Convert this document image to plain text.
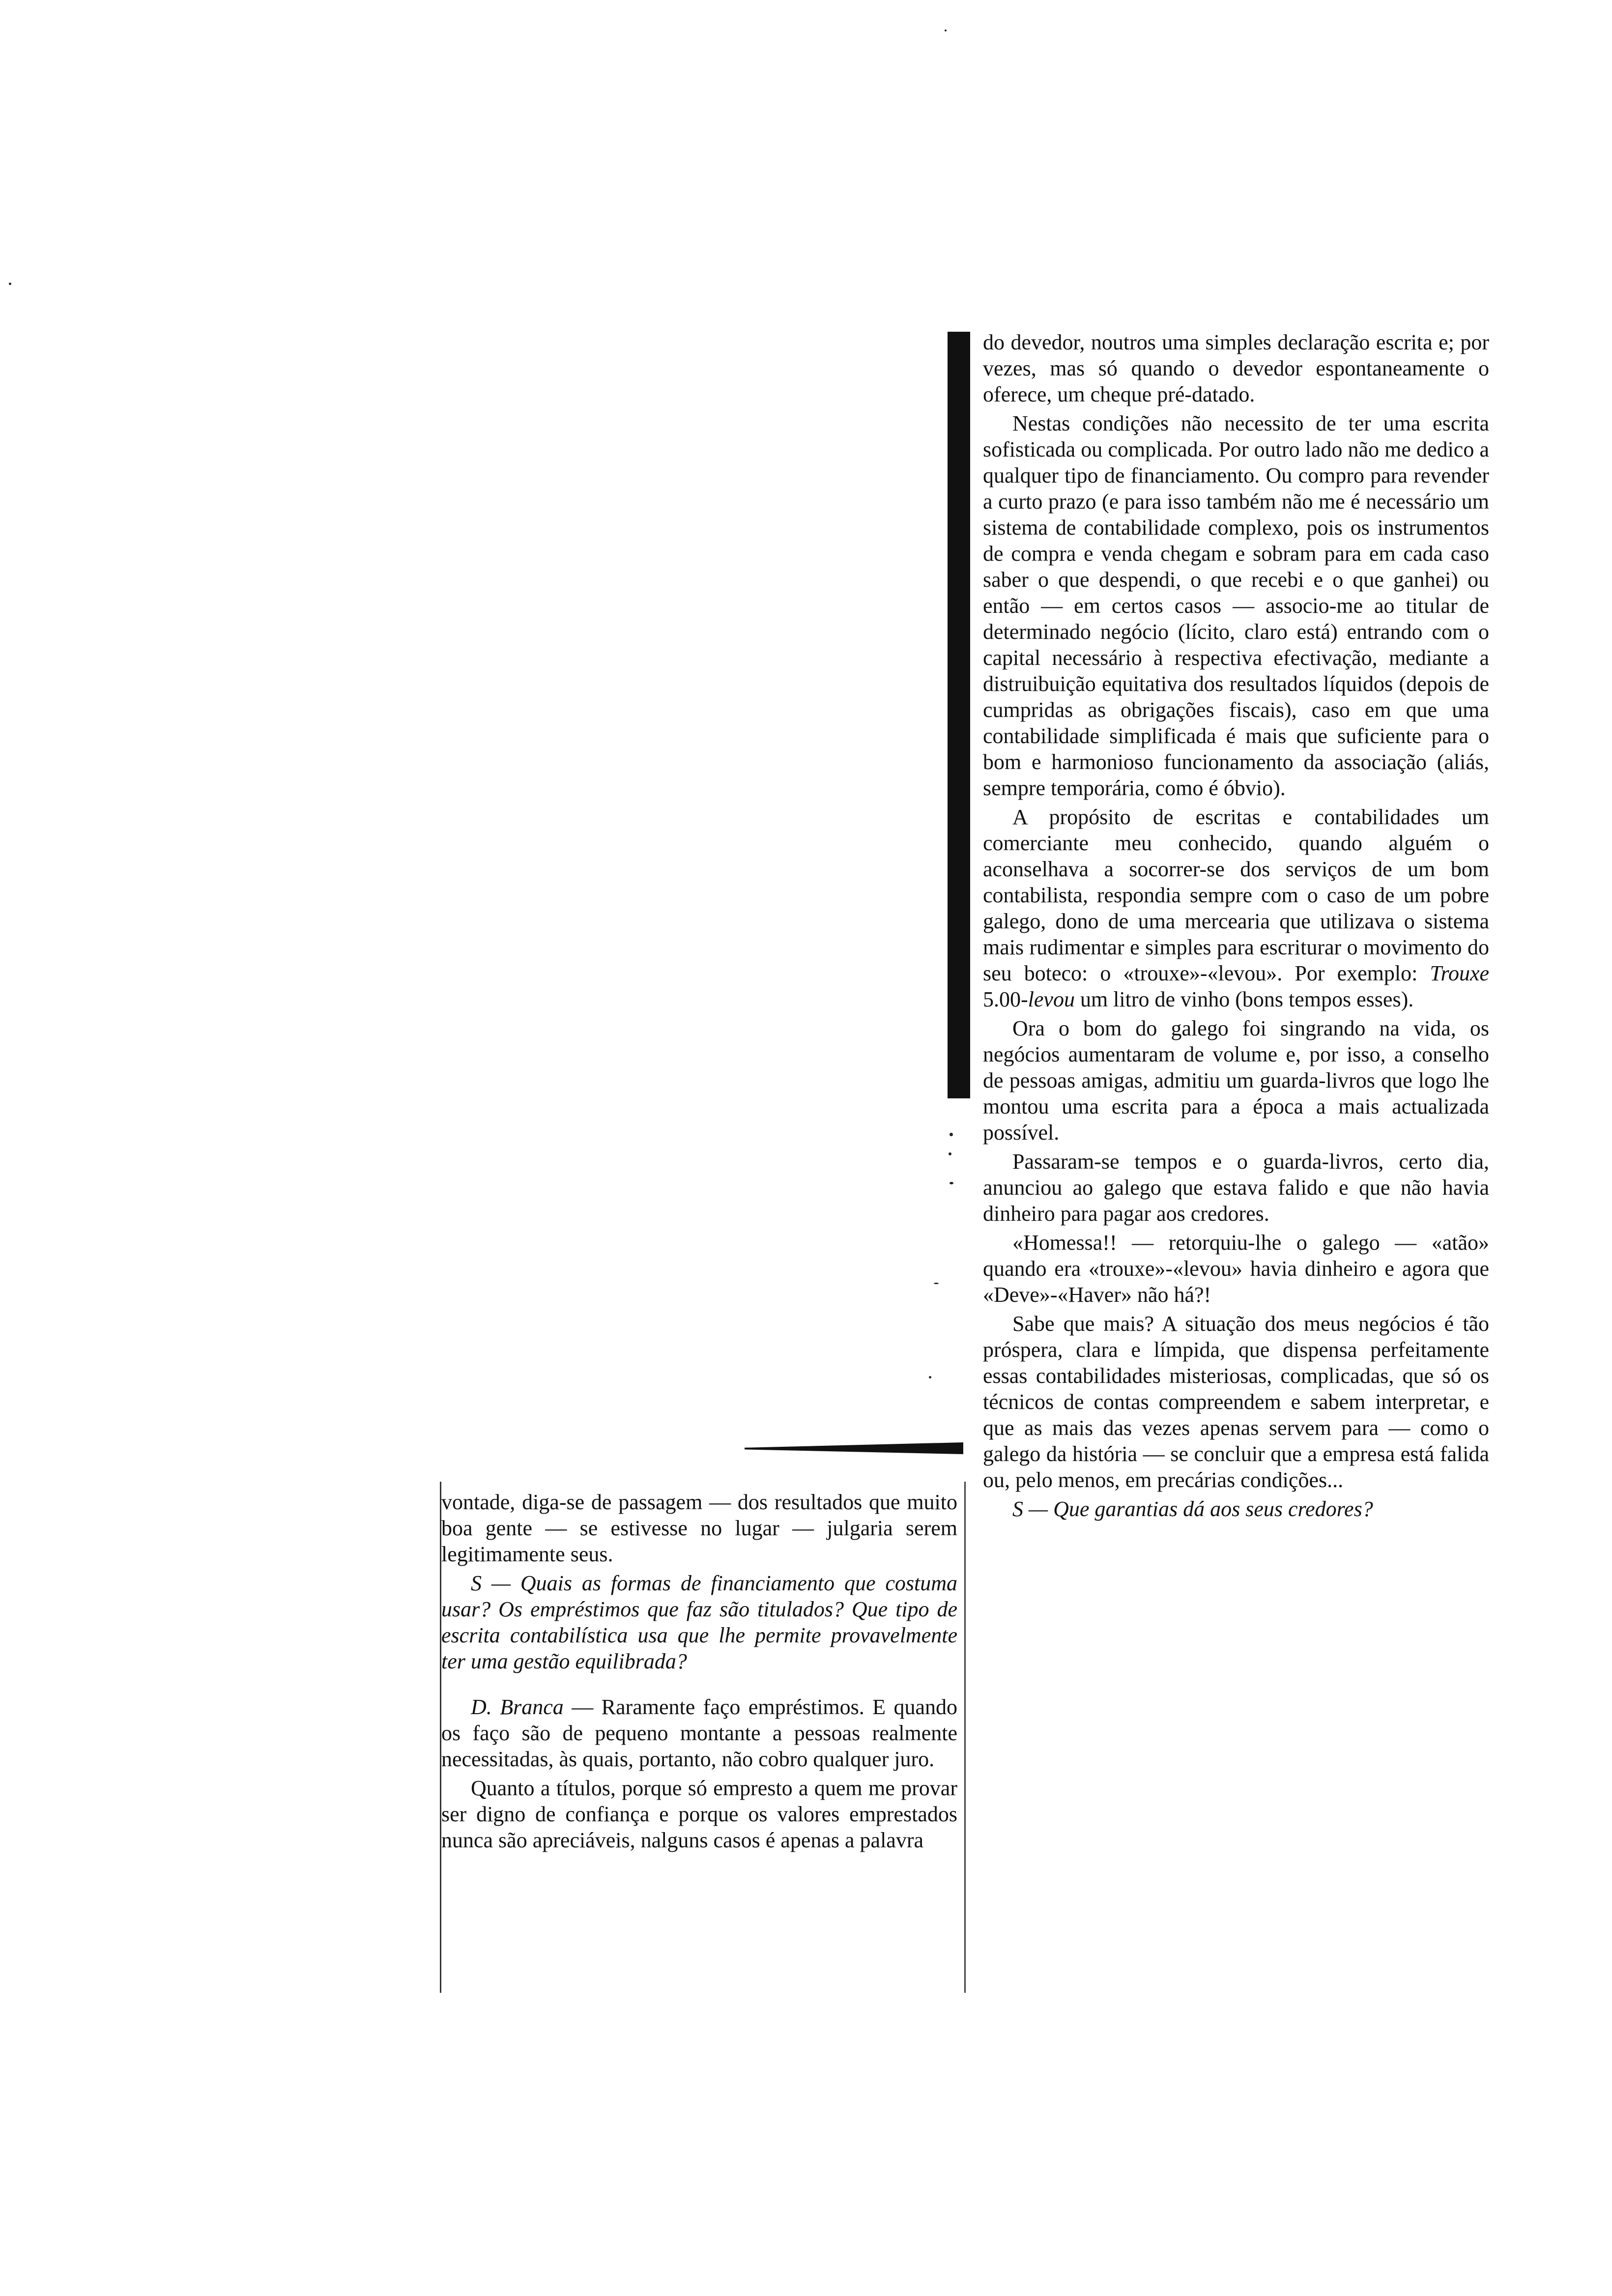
do devedor, noutros uma simples declaração escrita e; por vezes, mas só quando o devedor espontaneamente o oferece, um cheque pré-datado.

Nestas condições não necessito de ter uma escrita sofisticada ou complicada. Por outro lado não me dedico a qualquer tipo de financiamento. Ou compro para revender a curto prazo (e para isso também não me é necessário um sistema de contabilidade complexo, pois os instrumentos de compra e venda chegam e sobram para em cada caso saber o que despendi, o que recebi e o que ganhei) ou então — em certos casos — associo-me ao titular de determinado negócio (lícito, claro está) entrando com o capital necessário à respectiva efectivação, mediante a distruibuição equitativa dos resultados líquidos (depois de cumpridas as obrigações fiscais), caso em que uma contabilidade simplificada é mais que suficiente para o bom e harmonioso funcionamento da associação (aliás, sempre temporária, como é óbvio).

A propósito de escritas e contabilidades um comerciante meu conhecido, quando alguém o aconselhava a socorrer-se dos serviços de um bom contabilista, respondia sempre com o caso de um pobre galego, dono de uma mercearia que utilizava o sistema mais rudimentar e simples para escriturar o movimento do seu boteco: o «trouxe»-«levou». Por exemplo: Trouxe 5.00-levou um litro de vinho (bons tempos esses).

Ora o bom do galego foi singrando na vida, os negócios aumentaram de volume e, por isso, a conselho de pessoas amigas, admitiu um guarda-livros que logo lhe montou uma escrita para a época a mais actualizada possível.

Passaram-se tempos e o guarda-livros, certo dia, anunciou ao galego que estava falido e que não havia dinheiro para pagar aos credores.

«Homessa!! — retorquiu-lhe o galego — «atão» quando era «trouxe»-«levou» havia dinheiro e agora que «Deve»-«Haver» não há?!

Sabe que mais? A situação dos meus negócios é tão próspera, clara e límpida, que dispensa perfeitamente essas contabilidades misteriosas, complicadas, que só os técnicos de contas compreendem e sabem interpretar, e que as mais das vezes apenas servem para — como o galego da história — se concluir que a empresa está falida ou, pelo menos, em precárias condições...

S — Que garantias dá aos seus credores?

vontade, diga-se de passagem — dos resultados que muito boa gente — se estivesse no lugar — julgaria serem legitimamente seus.

S — Quais as formas de financiamento que costuma usar? Os empréstimos que faz são titulados? Que tipo de escrita contabilística usa que lhe permite provavelmente ter uma gestão equilibrada?

D. Branca — Raramente faço empréstimos. E quando os faço são de pequeno montante a pessoas realmente necessitadas, às quais, portanto, não cobro qualquer juro.

Quanto a títulos, porque só empresto a quem me provar ser digno de confiança e porque os valores emprestados nunca são apreciáveis, nalguns casos é apenas a palavra
